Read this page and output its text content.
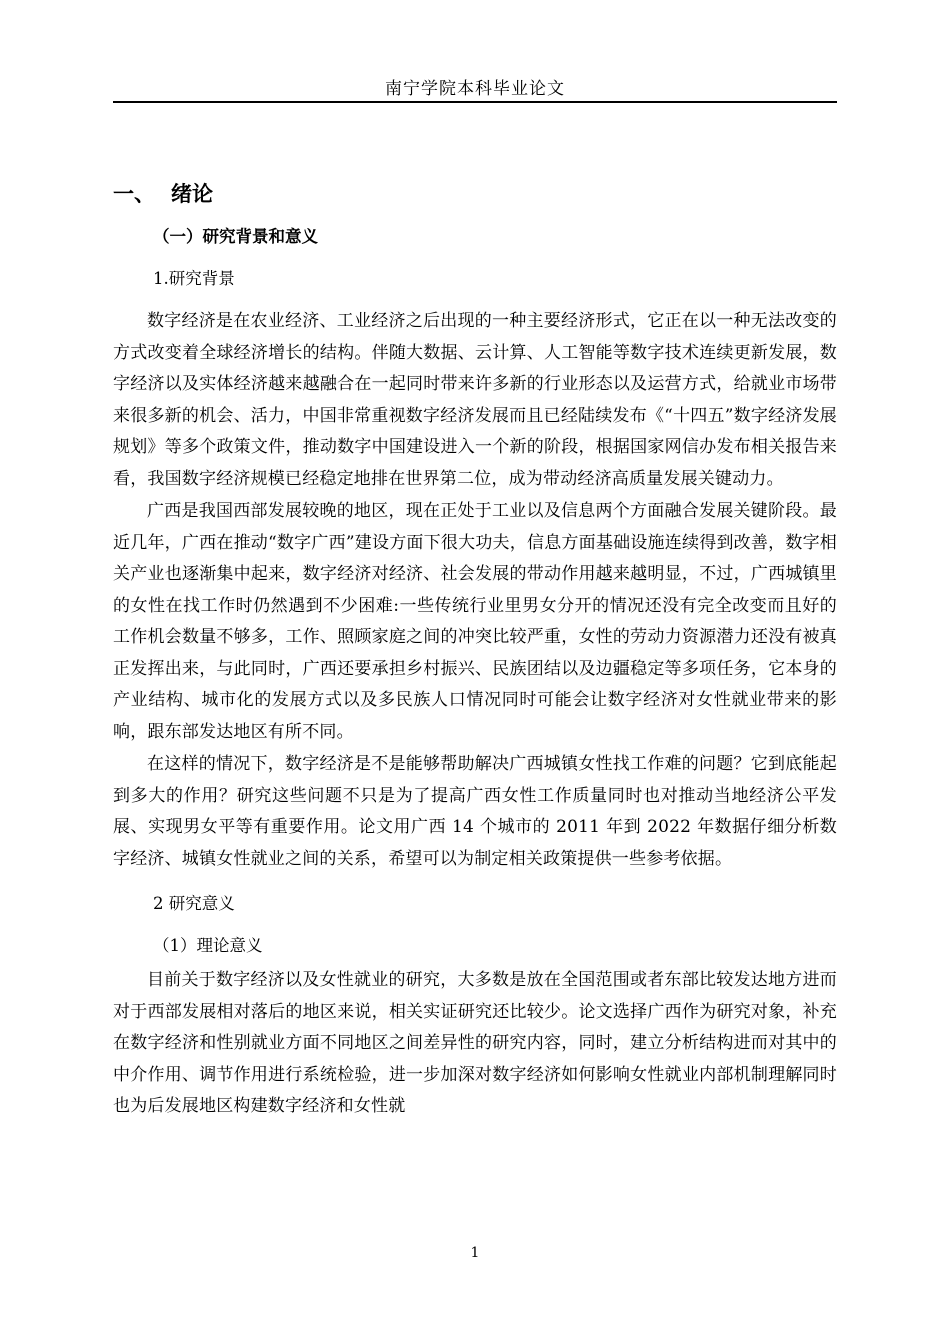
南宁学院本科毕业论文
一、 绪论
（一）研究背景和意义
1.研究背景

数字经济是在农业经济、工业经济之后出现的一种主要经济形式，它正在以一种无法改变的方式改变着全球经济增长的结构。伴随大数据、云计算、人工智能等数字技术连续更新发展，数字经济以及实体经济越来越融合在一起同时带来许多新的行业形态以及运营方式，给就业市场带来很多新的机会、活力，中国非常重视数字经济发展而且已经陆续发布《“十四五”数字经济发展规划》等多个政策文件，推动数字中国建设进入一个新的阶段，根据国家网信办发布相关报告来看，我国数字经济规模已经稳定地排在世界第二位，成为带动经济高质量发展关键动力。

广西是我国西部发展较晚的地区，现在正处于工业以及信息两个方面融合发展关键阶段。最近几年，广西在推动“数字广西”建设方面下很大功夫，信息方面基础设施连续得到改善，数字相关产业也逐渐集中起来，数字经济对经济、社会发展的带动作用越来越明显，不过，广西城镇里的女性在找工作时仍然遇到不少困难:一些传统行业里男女分开的情况还没有完全改变而且好的工作机会数量不够多，工作、照顾家庭之间的冲突比较严重，女性的劳动力资源潜力还没有被真正发挥出来，与此同时，广西还要承担乡村振兴、民族团结以及边疆稳定等多项任务，它本身的产业结构、城市化的发展方式以及多民族人口情况同时可能会让数字经济对女性就业带来的影响，跟东部发达地区有所不同。

在这样的情况下，数字经济是不是能够帮助解决广西城镇女性找工作难的问题？它到底能起到多大的作用？研究这些问题不只是为了提高广西女性工作质量同时也对推动当地经济公平发展、实现男女平等有重要作用。论文用广西 14 个城市的 2011 年到 2022 年数据仔细分析数字经济、城镇女性就业之间的关系，希望可以为制定相关政策提供一些参考依据。

2 研究意义
（1）理论意义

目前关于数字经济以及女性就业的研究，大多数是放在全国范围或者东部比较发达地方进而对于西部发展相对落后的地区来说，相关实证研究还比较少。论文选择广西作为研究对象，补充在数字经济和性别就业方面不同地区之间差异性的研究内容，同时，建立分析结构进而对其中的中介作用、调节作用进行系统检验，进一步加深对数字经济如何影响女性就业内部机制理解同时也为后发展地区构建数字经济和女性就

1
